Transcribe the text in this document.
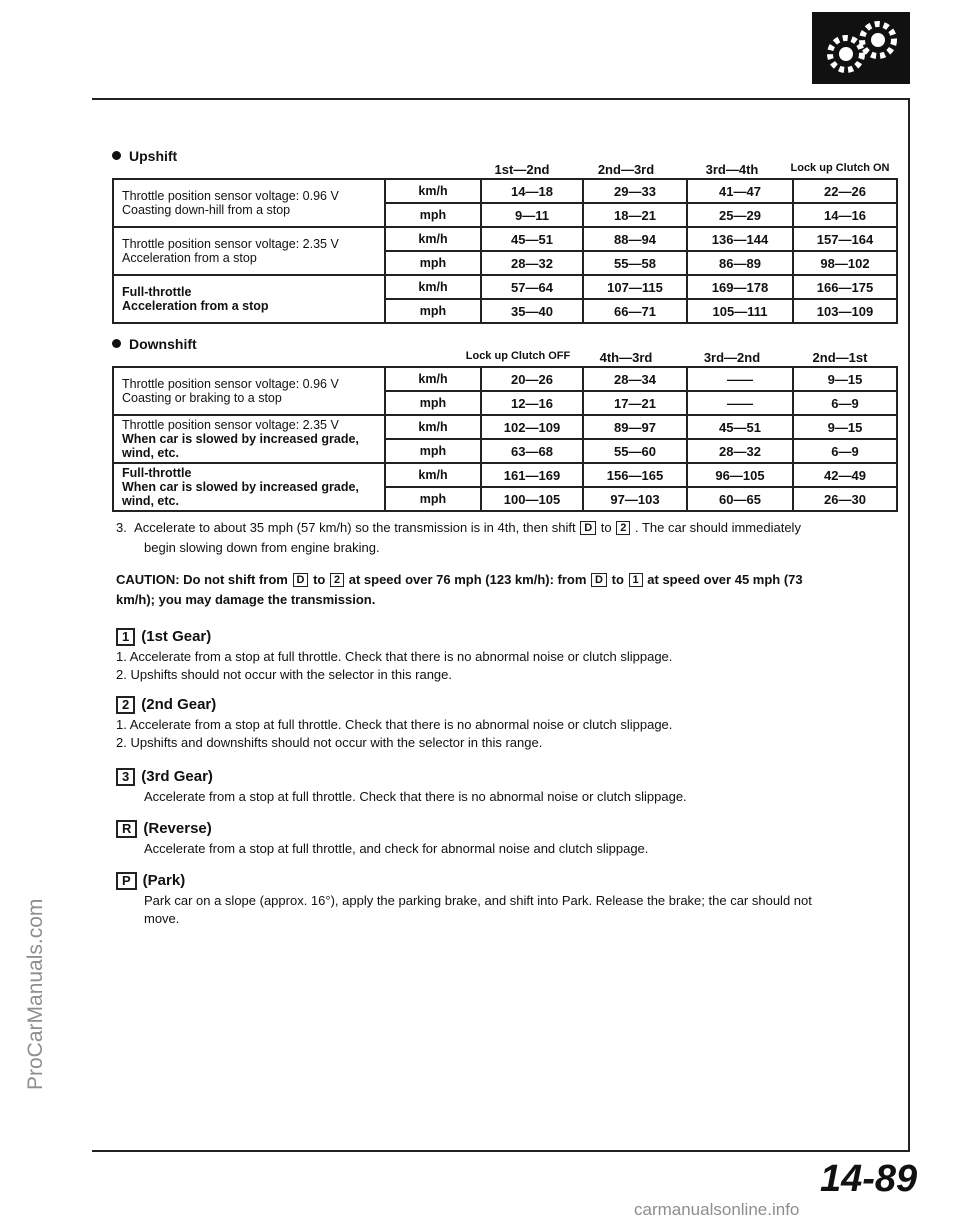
ProCarManuals.com
Upshift
1st—2nd	2nd—3rd	3rd—4th	Lock up Clutch ON
Throttle position sensor voltage: 0.96 V
Coasting down-hill from a stop	km/h	14—18	29—33	41—47	22—26
	mph	9—11	18—21	25—29	14—16
Throttle position sensor voltage: 2.35 V
Acceleration from a stop	km/h	45—51	88—94	136—144	157—164
	mph	28—32	55—58	86—89	98—102
Full-throttle
Acceleration from a stop	km/h	57—64	107—115	169—178	166—175
	mph	35—40	66—71	105—111	103—109
Downshift
Lock up Clutch OFF	4th—3rd	3rd—2nd	2nd—1st
Throttle position sensor voltage: 0.96 V
Coasting or braking to a stop	km/h	20—26	28—34	——	9—15
	mph	12—16	17—21	——	6—9
Throttle position sensor voltage: 2.35 V
When car is slowed by increased grade, wind, etc.	km/h	102—109	89—97	45—51	9—15
	mph	63—68	55—60	28—32	6—9
Full-throttle
When car is slowed by increased grade, wind, etc.	km/h	161—169	156—165	96—105	42—49
	mph	100—105	97—103	60—65	26—30
3. Accelerate to about 35 mph (57 km/h) so the transmission is in 4th, then shift D to 2 . The car should immediately
begin slowing down from engine braking.
CAUTION: Do not shift from D to 2 at speed over 76 mph (123 km/h): from D to 1 at speed over 45 mph (73
km/h); you may damage the transmission.
1 (1st Gear)
1. Accelerate from a stop at full throttle. Check that there is no abnormal noise or clutch slippage.
2. Upshifts should not occur with the selector in this range.
2 (2nd Gear)
1. Accelerate from a stop at full throttle. Check that there is no abnormal noise or clutch slippage.
2. Upshifts and downshifts should not occur with the selector in this range.
3 (3rd Gear)
Accelerate from a stop at full throttle. Check that there is no abnormal noise or clutch slippage.
R (Reverse)
Accelerate from a stop at full throttle, and check for abnormal noise and clutch slippage.
P (Park)
Park car on a slope (approx. 16°), apply the parking brake, and shift into Park. Release the brake; the car should not
move.
14-89
carmanualsonline.info
